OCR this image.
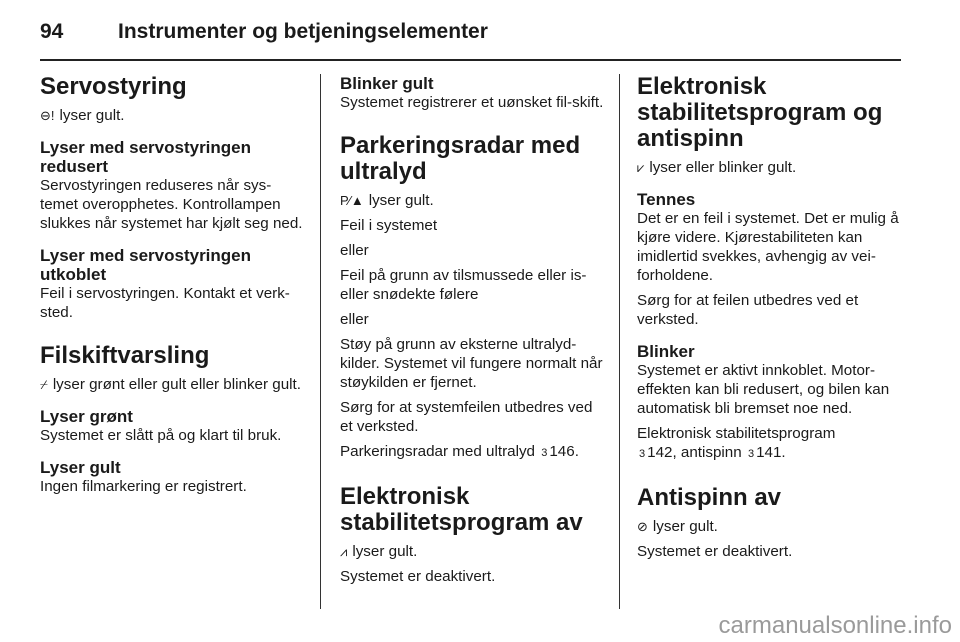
94	Instrumenter og betjeningselementer
Servostyring

⊖! lyser gult.

Lyser med servostyringen redusert

Servostyringen reduseres når sys-temet overopphetes. Kontrollampen slukkes når systemet har kjølt seg ned.

Lyser med servostyringen utkoblet

Feil i servostyringen. Kontakt et verk-sted.

Filskiftvarsling

⌿ lyser grønt eller gult eller blinker gult.

Lyser grønt

Systemet er slått på og klart til bruk.

Lyser gult

Ingen filmarkering er registrert.

Blinker gult

Systemet registrerer et uønsket fil-skift.

Parkeringsradar med ultralyd

P⁄▲ lyser gult.

Feil i systemet

eller

Feil på grunn av tilsmussede eller is-eller snødekte følere

eller

Støy på grunn av eksterne ultralyd-kilder. Systemet vil fungere normalt når støykilden er fjernet.

Sørg for at systemfeilen utbedres ved et verksted.

Parkeringsradar med ultralyd 3 146.

Elektronisk stabilitetsprogram av

⩘ lyser gult.

Systemet er deaktivert.

Elektronisk stabilitetsprogram og antispinn

⩗ lyser eller blinker gult.

Tennes

Det er en feil i systemet. Det er mulig å kjøre videre. Kjørestabiliteten kan imidlertid svekkes, avhengig av vei-forholdene.

Sørg for at feilen utbedres ved et verksted.

Blinker

Systemet er aktivt innkoblet. Motor-effekten kan bli redusert, og bilen kan automatisk bli bremset noe ned.

Elektronisk stabilitetsprogram

3 142, antispinn 3 141.

Antispinn av

⊘ lyser gult.

Systemet er deaktivert.

carmanualsonline.info
